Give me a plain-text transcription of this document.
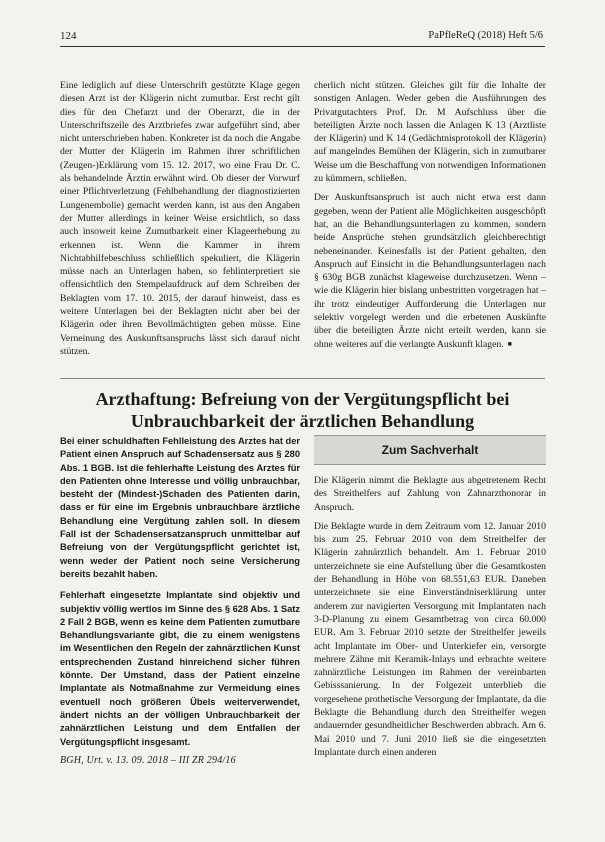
124	PaPfleReQ (2018) Heft 5/6

Eine lediglich auf diese Unterschrift gestützte Klage gegen diesen Arzt ist der Klägerin nicht zumutbar. Erst recht gilt dies für den Chefarzt und der Oberarzt, die in der Unterschriftszeile des Arztbriefes zwar aufgeführt sind, aber nicht unterschrieben haben. Konkreter ist da noch die Angabe der Mutter der Klägerin im Rahmen ihrer schriftlichen (Zeugen-)Erklärung vom 15. 12. 2017, wo eine Frau Dr. C. als behandelnde Ärztin erwähnt wird. Ob dieser der Vorwurf einer Pflichtverletzung (Fehlbehandlung der diagnostizierten Lungenembolie) gemacht werden kann, ist aus den Angaben der Mutter allerdings in keiner Weise ersichtlich, so dass auch insoweit keine Zumutbarkeit einer Klageerhebung zu erkennen ist. Wenn die Kammer in ihrem Nichtabhilfebeschluss schließlich spekuliert, die Klägerin müsse nach an Unterlagen haben, so fehlinterpretiert sie offensichtlich den Stempelaufdruck auf dem Schreiben der Beklagten vom 17. 10. 2015, der darauf hinweist, dass es weitere Unterlagen bei der Beklagten nicht aber bei der Klägerin oder ihren Bevollmächtigten geben müsse. Eine Verneinung des Auskunftsanspruchs lässt sich darauf nicht stützen.

cherlich nicht stützen. Gleiches gilt für die Inhalte der sonstigen Anlagen. Weder geben die Ausführungen des Privatgutachters Prof. Dr. M Aufschluss über die beteiligten Ärzte noch lassen die Anlagen K 13 (Arztliste der Klägerin) und K 14 (Gedächtnisprotokoll der Klägerin) auf mangelndes Bemühen der Klägerin, sich in zumutbarer Weise um die Beschaffung von notwendigen Informationen zu kümmern, schließen.

Der Auskunftsanspruch ist auch nicht etwa erst dann gegeben, wenn der Patient alle Möglichkeiten ausgeschöpft hat, an die Behandlungsunterlagen zu kommen, sondern beide Ansprüche stehen grundsätzlich gleichberechtigt nebeneinander. Keinesfalls ist der Patient gehalten, den Anspruch auf Einsicht in die Behandlungsunterlagen nach § 630g BGB zunächst klageweise durchzusetzen. Wenn – wie die Klägerin hier bislang unbestritten vorgetragen hat – ihr trotz eindeutiger Aufforderung die Unterlagen nur selektiv vorgelegt werden und die erbetenen Auskünfte über die beteiligten Ärzte nicht erteilt werden, kann sie ohne weiteres auf die verlangte Auskunft klagen. ■

Arzthaftung: Befreiung von der Vergütungspflicht bei Unbrauchbarkeit der ärztlichen Behandlung

Bei einer schuldhaften Fehlleistung des Arztes hat der Patient einen Anspruch auf Schadensersatz aus § 280 Abs. 1 BGB. Ist die fehlerhafte Leistung des Arztes für den Patienten ohne Interesse und völlig unbrauchbar, besteht der (Mindest-)Schaden des Patienten darin, dass er für eine im Ergebnis unbrauchbare ärztliche Behandlung eine Vergütung zahlen soll. In diesem Fall ist der Schadensersatzanspruch unmittelbar auf Befreiung von der Vergütungspflicht gerichtet ist, wenn weder der Patient noch seine Versicherung bereits bezahlt haben.

Fehlerhaft eingesetzte Implantate sind objektiv und subjektiv völlig wertlos im Sinne des § 628 Abs. 1 Satz 2 Fall 2 BGB, wenn es keine dem Patienten zumutbare Behandlungsvariante gibt, die zu einem wenigstens im Wesentlichen den Regeln der zahnärztlichen Kunst entsprechenden Zustand hinreichend sicher führen könnte. Der Umstand, dass der Patient einzelne Implantate als Notmaßnahme zur Vermeidung eines eventuell noch größeren Übels weiterverwendet, ändert nichts an der völligen Unbrauchbarkeit der zahnärztlichen Leistung und dem Entfallen der Vergütungspflicht insgesamt.

BGH, Urt. v. 13. 09. 2018 – III ZR 294/16
Zum Sachverhalt

Die Klägerin nimmt die Beklagte aus abgetretenem Recht des Streithelfers auf Zahlung von Zahnarzthonorar in Anspruch.

Die Beklagte wurde in dem Zeitraum vom 12. Januar 2010 bis zum 25. Februar 2010 von dem Streithelfer der Klägerin zahnärztlich behandelt. Am 1. Februar 2010 unterzeichnete sie eine Aufstellung über die Gesamtkosten der Behandlung in Höhe von 68.551,63 EUR. Daneben unterzeichnete sie eine Einverständniserklärung unter anderem zur navigierten Versorgung mit Implantaten nach 3-D-Planung zu einem Gesamtbetrag von circa 60.000 EUR. Am 3. Februar 2010 setzte der Streithelfer jeweils acht Implantate im Ober- und Unterkiefer ein, versorgte mehrere Zähne mit Keramik-Inlays und erbrachte weitere zahnärztliche Leistungen im Rahmen der vereinbarten Gebisssanierung. In der Folgezeit unterblieb die vorgesehene prothetische Versorgung der Implantate, da die Beklagte die Behandlung durch den Streithelfer wegen andauernder gesundheitlicher Beschwerden abbrach. Am 6. Mai 2010 und 7. Juni 2010 ließ sie die eingesetzten Implantate durch einen anderen
